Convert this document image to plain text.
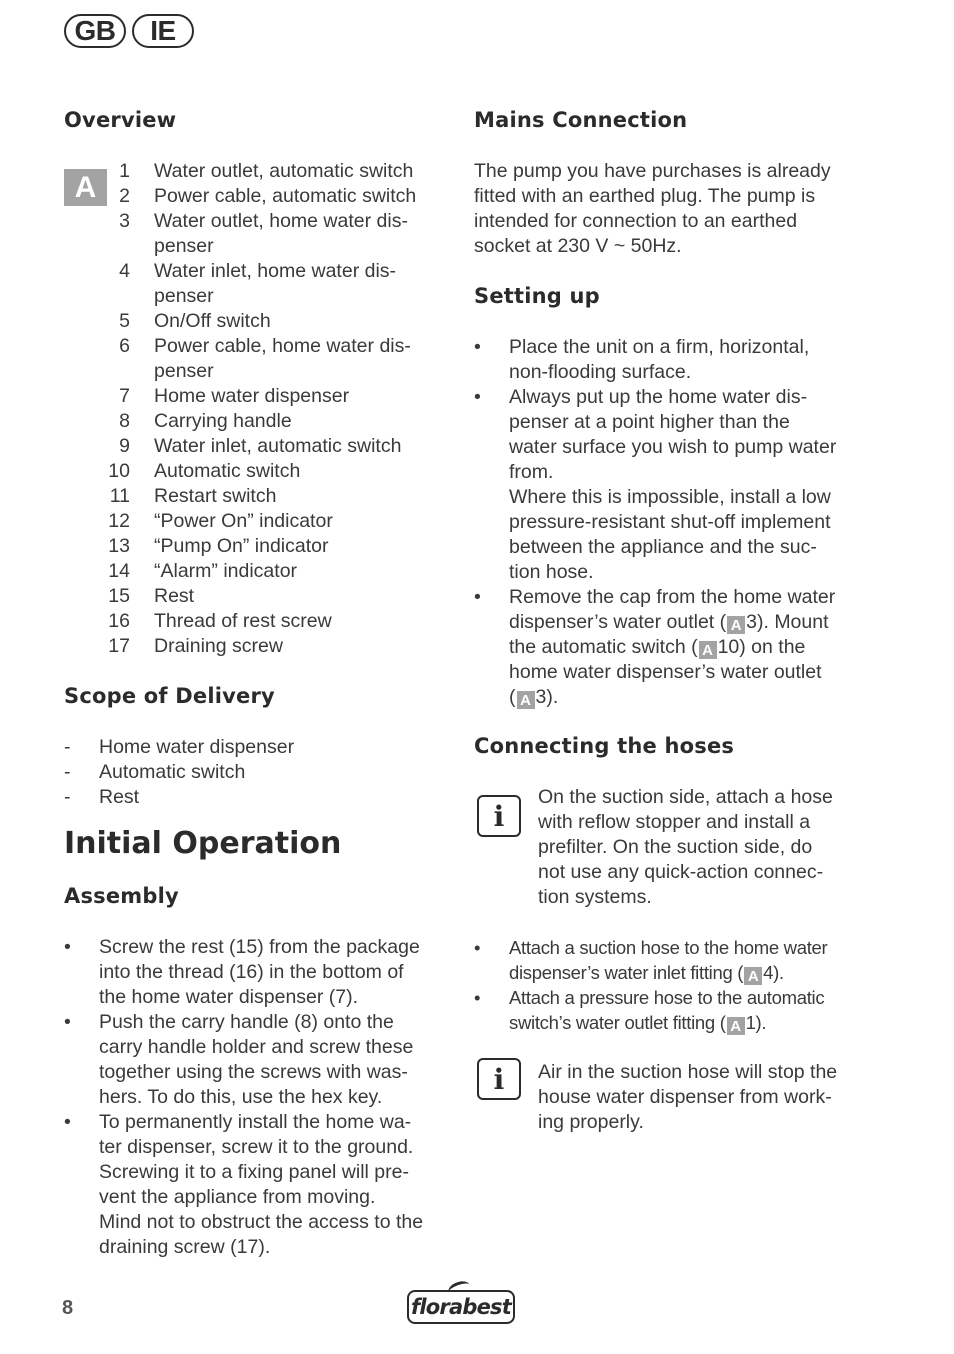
GB	IE
Overview
A	1 Water outlet, automatic switch
2 Power cable, automatic switch
3 Water outlet, home water dis-
penser
4 Water inlet, home water dis-
penser
5 On/Off switch
6 Power cable, home water dis-
penser
7 Home water dispenser
8 Carrying handle
9 Water inlet, automatic switch
10 Automatic switch
11 Restart switch
12 “Power On” indicator
13 “Pump On” indicator
14 “Alarm” indicator
15 Rest
16 Thread of rest screw
17 Draining screw
Scope of Delivery
- Home water dispenser
- Automatic switch
- Rest
Initial Operation
Assembly
• Screw the rest (15) from the package
into the thread (16) in the bottom of
the home water dispenser (7).
• Push the carry handle (8) onto the
carry handle holder and screw these
together using the screws with was-
hers. To do this, use the hex key.
• To permanently install the home wa-
ter dispenser, screw it to the ground.
Screwing it to a fixing panel will pre-
vent the appliance from moving.
Mind not to obstruct the access to the
draining screw (17).
Mains Connection
The pump you have purchases is already
fitted with an earthed plug. The pump is
intended for connection to an earthed
socket at 230 V ~ 50Hz.
Setting up
• Place the unit on a firm, horizontal,
non-flooding surface.
• Always put up the home water dis-
penser at a point higher than the
water surface you wish to pump water
from.
Where this is impossible, install a low
pressure-resistant shut-off implement
between the appliance and the suc-
tion hose.
• Remove the cap from the home water
dispenser’s water outlet ( A 3). Mount
the automatic switch ( A 10) on the
home water dispenser’s water outlet
( A 3).
Connecting the hoses
i
On the suction side, attach a hose
with reflow stopper and install a
prefilter. On the suction side, do
not use any quick-action connec-
tion systems.
•	Attach a suction hose to the home water
dispenser’s water inlet fitting ( A 4).
•	Attach a pressure hose to the automatic
switch’s water outlet fitting ( A 1).
i	Air in the suction hose will stop the
house water dispenser from work-
ing properly.
8	florabest
